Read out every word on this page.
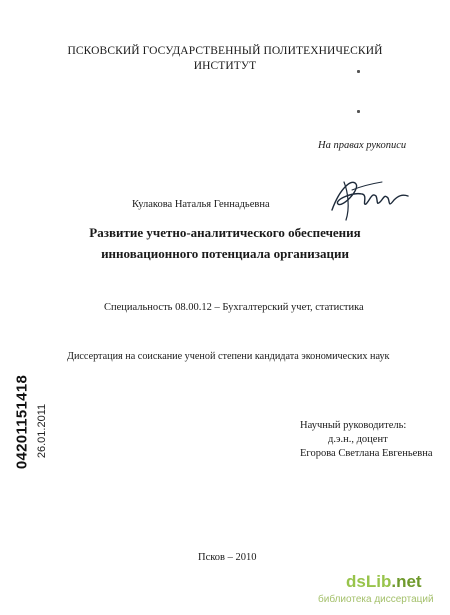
ПСКОВСКИЙ ГОСУДАРСТВЕННЫЙ ПОЛИТЕХНИЧЕСКИЙ
ИНСТИТУТ
На правах рукописи
Кулакова Наталья Геннадьевна
Развитие учетно-аналитического обеспечения
инновационного потенциала организации
Специальность 08.00.12 – Бухгалтерский учет, статистика
Диссертация на соискание ученой степени кандидата экономических наук
04201151418 26.01.2011	Научный руководитель:
д.э.н., доцент
Егорова Светлана Евгеньевна
Псков – 2010
dsLib.net
библиотека диссертаций
